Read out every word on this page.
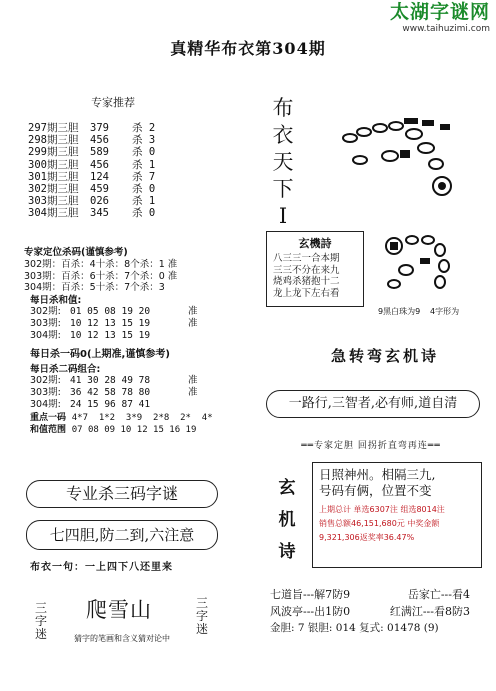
太湖字谜网
www.taihuzimi.com
真精华布衣第304期
专家推荐
297期三胆	379	杀 2
298期三胆	456	杀 3
299期三胆	589	杀 0
300期三胆	456	杀 1
301期三胆	124	杀 7
302期三胆	459	杀 0
303期三胆	026	杀 1
304期三胆	345	杀 0
专家定位杀码(谨慎参考)
302期：百杀：4十杀：8个杀：1 准
303期：百杀：6十杀：7个杀：0 准
304期：百杀：5十杀：7个杀：3
每日杀和值:
302期: 01 05 08 19 20	准
303期: 10 12 13 15 19	准
304期: 10 12 13 15 19
每日杀一码0(上期准,谨慎参考)
每日杀二码组合:
302期: 41 30 28 49 78	准
303期: 36 42 58 78 80	准
304期: 24 15 96 87 41
重点一码 4*7  1*2  3*9  2*8  2*  4*
和值范围 07 08 09 10 12 15 16 19
专业杀三码字谜
七四胆,防二到,六注意
布衣一句：一上四下八还里来
三字迷
三字迷
爬雪山
猜字的笔画和含义猜对论中
布
衣
天
下
I
玄機詩
八三三一合本期
三三不分在来九
烧鸡杀猪抱十二
龙上龙下左右看
9黑白珠为9 4字形为
急转弯玄机诗
一路行,三智者,必有师,道自清
══专家定胆 回拐折直弯再连══
玄
机
诗
日照神州。相隔三九,
号码有俩，位置不变
上期总计 单选6307注 组选8014注
销售总额46,151,680元 中奖金额
9,321,306返奖率36.47%
七道旨---解7防9	岳家亡---看4
风波亭---出1防0	红满江---看8防3
金胆: 7 银胆: 014 复式: 01478 (9)
